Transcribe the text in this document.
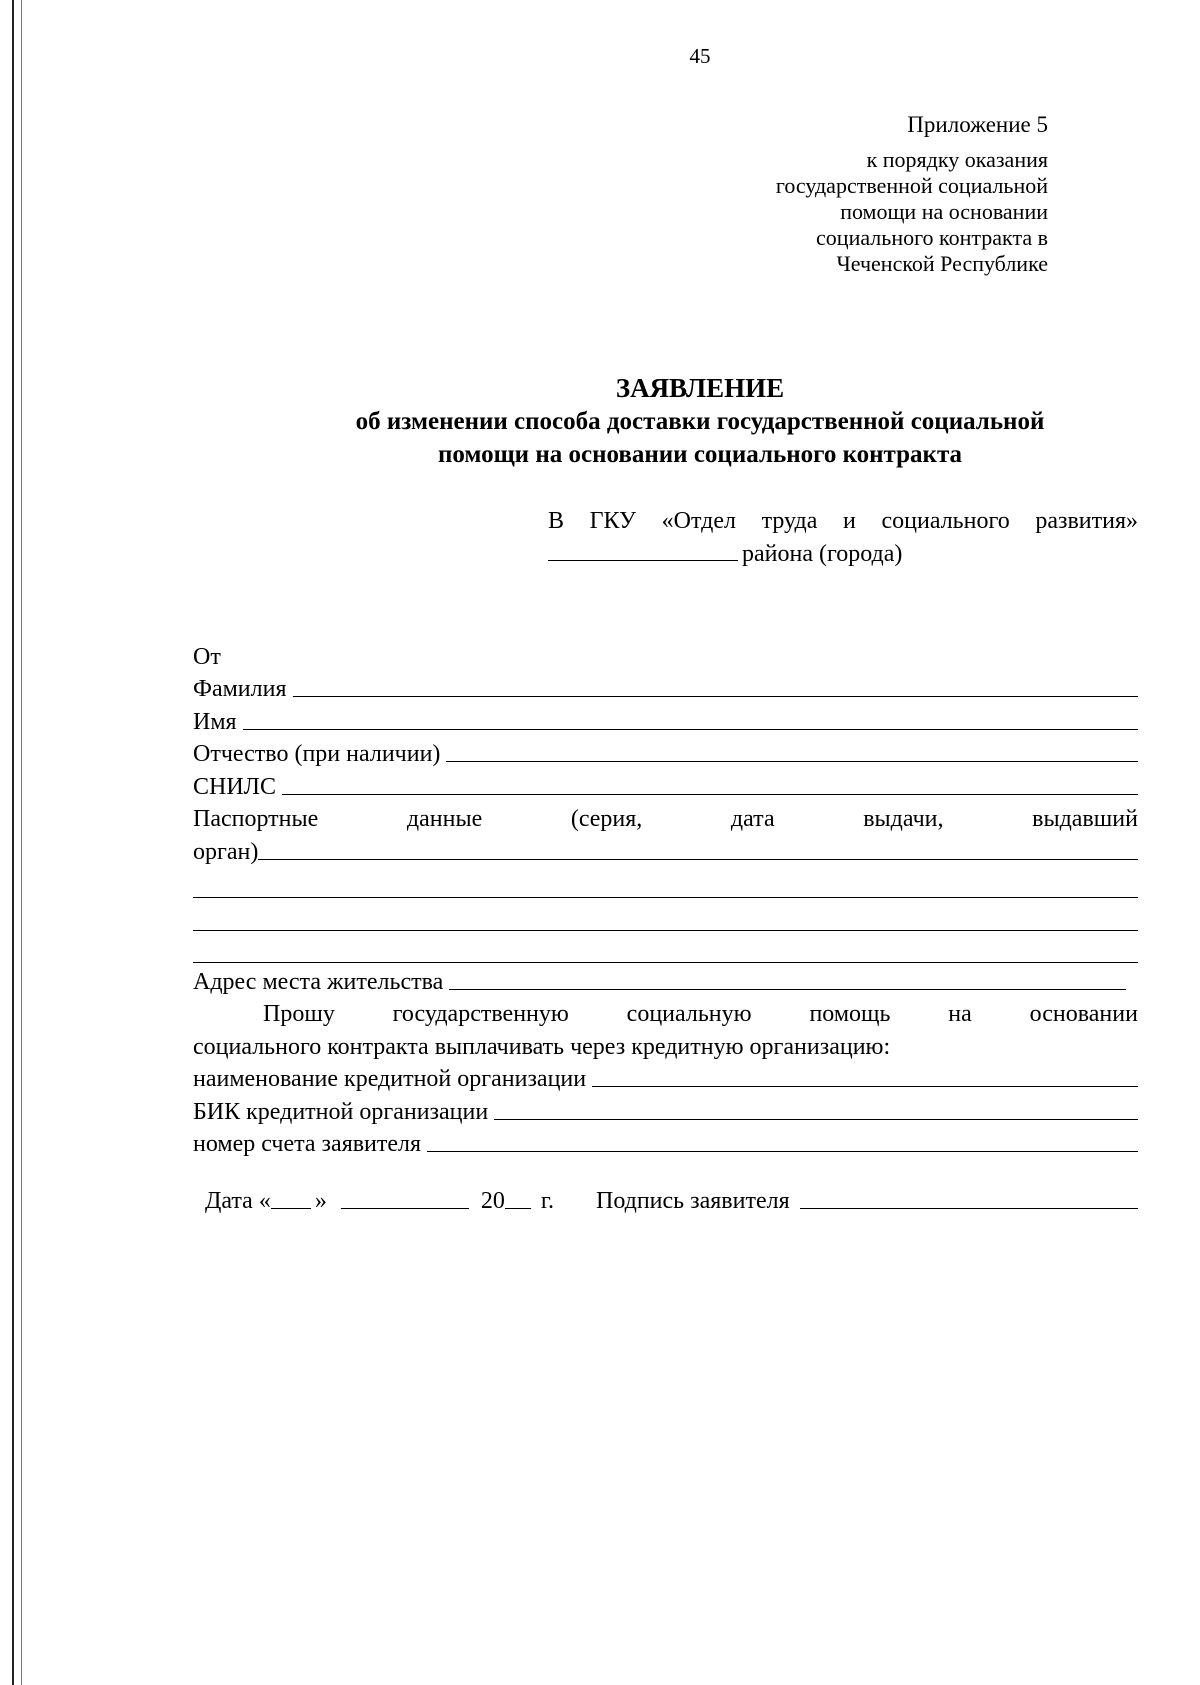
45
Приложение 5
к порядку оказания
государственной социальной
помощи на основании
социального контракта в
Чеченской Республике
ЗАЯВЛЕНИЕ
об изменении способа доставки государственной социальной
помощи на основании социального контракта
В ГКУ «Отдел труда и социального развития»
района (города)
От
Фамилия
Имя
Отчество (при наличии)
СНИЛС
Паспортные	данные	(серия,	дата	выдачи,	выдавший
орган)
Адрес места жительства
Прошу государственную социальную помощь на основании
социального контракта выплачивать через кредитную организацию:
наименование кредитной организации
БИК кредитной организации
номер счета заявителя
Дата « »	20 г. Подпись заявителя
